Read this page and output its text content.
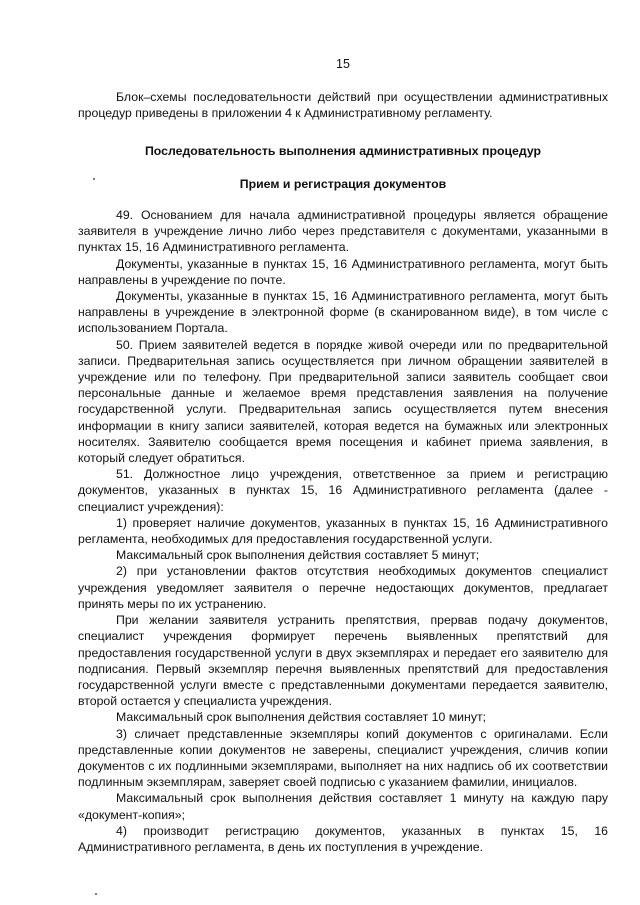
15

Блок–схемы последовательности действий при осуществлении административных процедур приведены в приложении 4 к Административному регламенту.

Последовательность выполнения административных процедур

Прием и регистрация документов

49. Основанием для начала административной процедуры является обращение заявителя в учреждение лично либо через представителя с документами, указанными в пунктах 15, 16 Административного регламента.

Документы, указанные в пунктах 15, 16 Административного регламента, могут быть направлены в учреждение по почте.

Документы, указанные в пунктах 15, 16 Административного регламента, могут быть направлены в учреждение в электронной форме (в сканированном виде), в том числе с использованием Портала.

50. Прием заявителей ведется в порядке живой очереди или по предварительной записи. Предварительная запись осуществляется при личном обращении заявителей в учреждение или по телефону. При предварительной записи заявитель сообщает свои персональные данные и желаемое время представления заявления на получение государственной услуги. Предварительная запись осуществляется путем внесения информации в книгу записи заявителей, которая ведется на бумажных или электронных носителях. Заявителю сообщается время посещения и кабинет приема заявления, в который следует обратиться.

51. Должностное лицо учреждения, ответственное за прием и регистрацию документов, указанных в пунктах 15, 16 Административного регламента (далее - специалист учреждения):

1) проверяет наличие документов, указанных в пунктах 15, 16 Административного регламента, необходимых для предоставления государственной услуги.

Максимальный срок выполнения действия составляет 5 минут;

2) при установлении фактов отсутствия необходимых документов специалист учреждения уведомляет заявителя о перечне недостающих документов, предлагает принять меры по их устранению.

При желании заявителя устранить препятствия, прервав подачу документов, специалист учреждения формирует перечень выявленных препятствий для предоставления государственной услуги в двух экземплярах и передает его заявителю для подписания. Первый экземпляр перечня выявленных препятствий для предоставления государственной услуги вместе с представленными документами передается заявителю, второй остается у специалиста учреждения.

Максимальный срок выполнения действия составляет 10 минут;

3) сличает представленные экземпляры копий документов с оригиналами. Если представленные копии документов не заверены, специалист учреждения, сличив копии документов с их подлинными экземплярами, выполняет на них надпись об их соответствии подлинным экземплярам, заверяет своей подписью с указанием фамилии, инициалов.

Максимальный срок выполнения действия составляет 1 минуту на каждую пару «документ-копия»;

4) производит регистрацию документов, указанных в пунктах 15, 16 Административного регламента, в день их поступления в учреждение.
